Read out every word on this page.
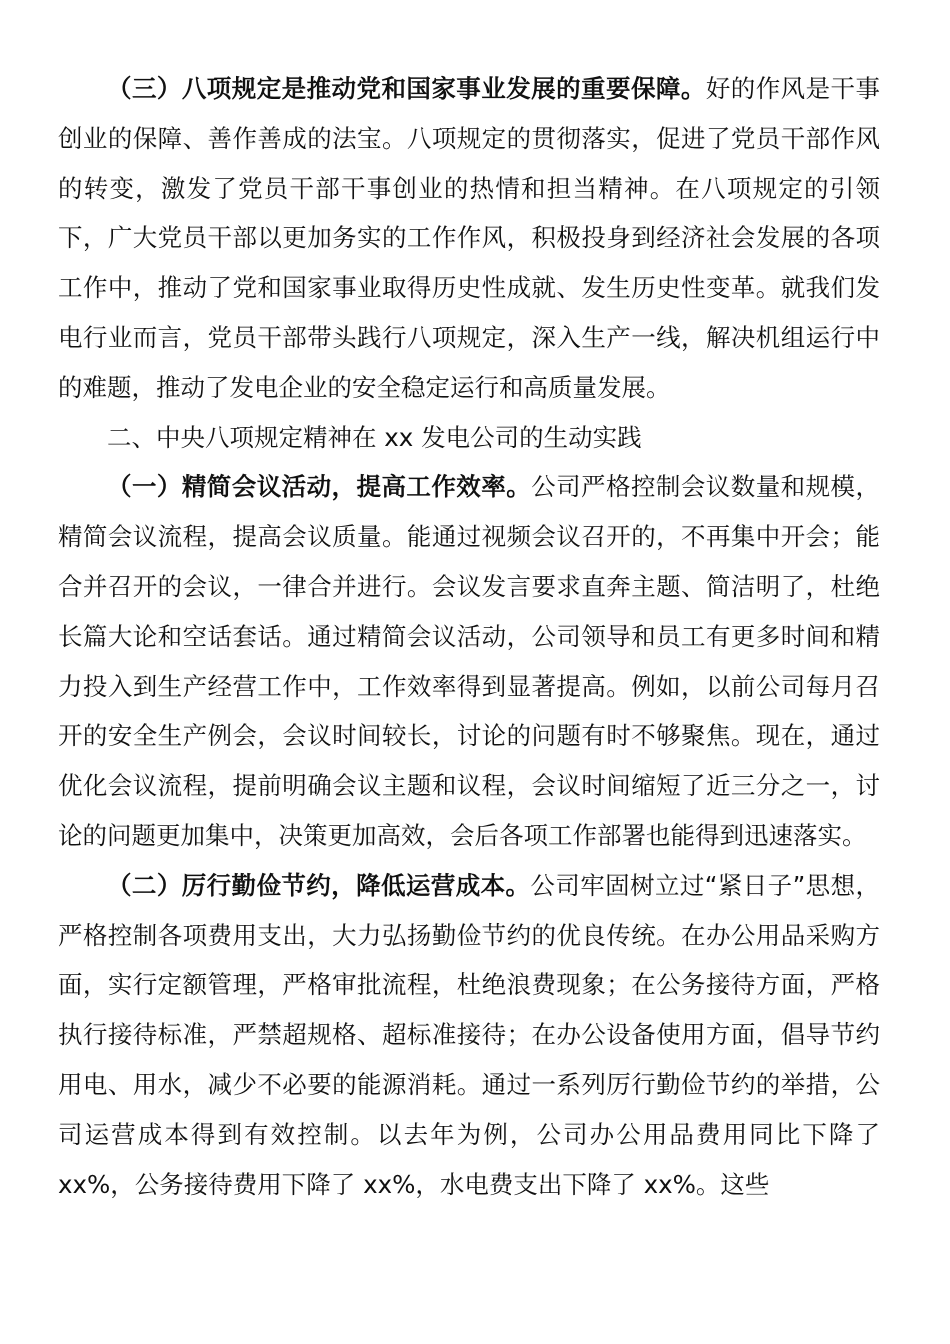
（三）八项规定是推动党和国家事业发展的重要保障。好的作风是干事创业的保障、善作善成的法宝。八项规定的贯彻落实，促进了党员干部作风的转变，激发了党员干部干事创业的热情和担当精神。在八项规定的引领下，广大党员干部以更加务实的工作作风，积极投身到经济社会发展的各项工作中，推动了党和国家事业取得历史性成就、发生历史性变革。就我们发电行业而言，党员干部带头践行八项规定，深入生产一线，解决机组运行中的难题，推动了发电企业的安全稳定运行和高质量发展。

二、中央八项规定精神在 xx 发电公司的生动实践

（一）精简会议活动，提高工作效率。公司严格控制会议数量和规模，精简会议流程，提高会议质量。能通过视频会议召开的，不再集中开会；能合并召开的会议，一律合并进行。会议发言要求直奔主题、简洁明了，杜绝长篇大论和空话套话。通过精简会议活动，公司领导和员工有更多时间和精力投入到生产经营工作中，工作效率得到显著提高。例如，以前公司每月召开的安全生产例会，会议时间较长，讨论的问题有时不够聚焦。现在，通过优化会议流程，提前明确会议主题和议程，会议时间缩短了近三分之一，讨论的问题更加集中，决策更加高效，会后各项工作部署也能得到迅速落实。

（二）厉行勤俭节约，降低运营成本。公司牢固树立过“紧日子”思想，严格控制各项费用支出，大力弘扬勤俭节约的优良传统。在办公用品采购方面，实行定额管理，严格审批流程，杜绝浪费现象；在公务接待方面，严格执行接待标准，严禁超规格、超标准接待；在办公设备使用方面，倡导节约用电、用水，减少不必要的能源消耗。通过一系列厉行勤俭节约的举措，公司运营成本得到有效控制。以去年为例，公司办公用品费用同比下降了 xx%，公务接待费用下降了 xx%，水电费支出下降了 xx%。这些
